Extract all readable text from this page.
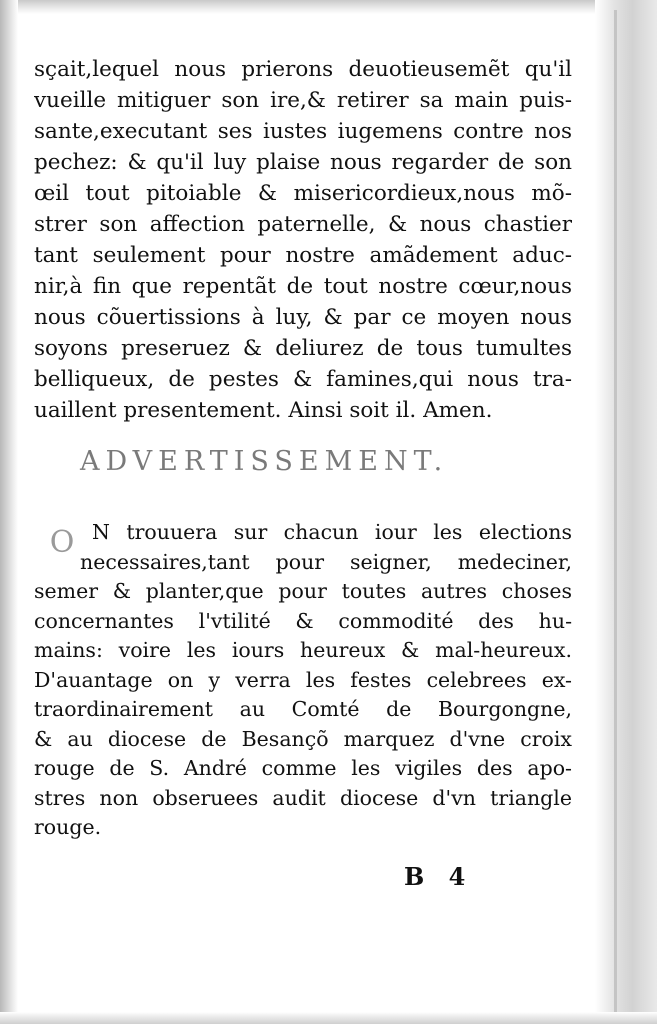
sçait,lequel nous prierons deuotieusemẽt qu'il
vueille mitiguer son ire,& retirer sa main puis-
sante,executant ses iustes iugemens contre nos
pechez: & qu'il luy plaise nous regarder de son
œil tout pitoiable & misericordieux,nous mõ-
strer son affection paternelle, & nous chastier
tant seulement pour nostre amãdement aduc-
nir,à fin que repentãt de tout nostre cœur,nous
nous cõuertissions à luy, & par ce moyen nous
soyons preseruez & deliurez de tous tumultes
belliqueux, de pestes & famines,qui nous tra-
uaillent presentement. Ainsi soit il. Amen.
ADVERTISSEMENT.
O N trouuera sur chacun iour les elections
necessaires,tant pour seigner, medeciner,
semer & planter,que pour toutes autres choses
concernantes l'vtilité & commodité des hu-
mains: voire les iours heureux & mal-heureux.
D'auantage on y verra les festes celebrees ex-
traordinairement au Comté de Bourgongne,
& au diocese de Besançõ marquez d'vne croix
rouge de S. André comme les vigiles des apo-
stres non obseruees audit diocese d'vn triangle
rouge.
B 4
